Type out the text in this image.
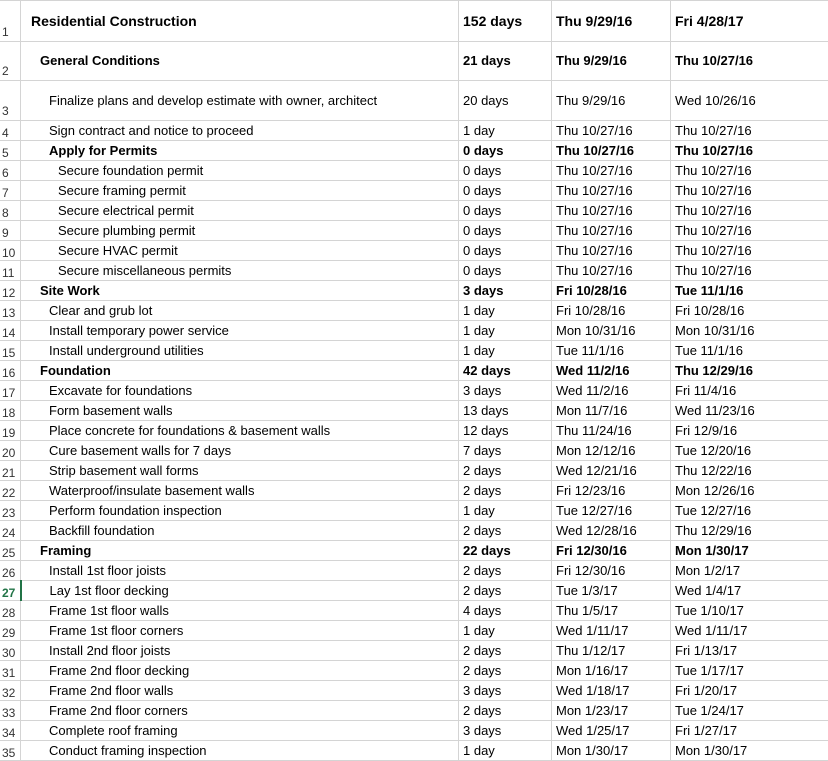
1	Residential Construction	152 days	Thu 9/29/16	Fri 4/28/17
2	General Conditions	21 days	Thu 9/29/16	Thu 10/27/16
3	Finalize plans and develop estimate with owner, architect	20 days	Thu 9/29/16	Wed 10/26/16
4	Sign contract and notice to proceed	1 day	Thu 10/27/16	Thu 10/27/16
5	Apply for Permits	0 days	Thu 10/27/16	Thu 10/27/16
6	Secure foundation permit	0 days	Thu 10/27/16	Thu 10/27/16
7	Secure framing permit	0 days	Thu 10/27/16	Thu 10/27/16
8	Secure electrical permit	0 days	Thu 10/27/16	Thu 10/27/16
9	Secure plumbing permit	0 days	Thu 10/27/16	Thu 10/27/16
10	Secure HVAC permit	0 days	Thu 10/27/16	Thu 10/27/16
11	Secure miscellaneous permits	0 days	Thu 10/27/16	Thu 10/27/16
12	Site Work	3 days	Fri 10/28/16	Tue 11/1/16
13	Clear and grub lot	1 day	Fri 10/28/16	Fri 10/28/16
14	Install temporary power service	1 day	Mon 10/31/16	Mon 10/31/16
15	Install underground utilities	1 day	Tue 11/1/16	Tue 11/1/16
16	Foundation	42 days	Wed 11/2/16	Thu 12/29/16
17	Excavate for foundations	3 days	Wed 11/2/16	Fri 11/4/16
18	Form basement walls	13 days	Mon 11/7/16	Wed 11/23/16
19	Place concrete for foundations & basement walls	12 days	Thu 11/24/16	Fri 12/9/16
20	Cure basement walls for 7 days	7 days	Mon 12/12/16	Tue 12/20/16
21	Strip basement wall forms	2 days	Wed 12/21/16	Thu 12/22/16
22	Waterproof/insulate basement walls	2 days	Fri 12/23/16	Mon 12/26/16
23	Perform foundation inspection	1 day	Tue 12/27/16	Tue 12/27/16
24	Backfill foundation	2 days	Wed 12/28/16	Thu 12/29/16
25	Framing	22 days	Fri 12/30/16	Mon 1/30/17
26	Install 1st floor joists	2 days	Fri 12/30/16	Mon 1/2/17
27	Lay 1st floor decking	2 days	Tue 1/3/17	Wed 1/4/17
28	Frame 1st floor walls	4 days	Thu 1/5/17	Tue 1/10/17
29	Frame 1st floor corners	1 day	Wed 1/11/17	Wed 1/11/17
30	Install 2nd floor joists	2 days	Thu 1/12/17	Fri 1/13/17
31	Frame 2nd floor decking	2 days	Mon 1/16/17	Tue 1/17/17
32	Frame 2nd floor walls	3 days	Wed 1/18/17	Fri 1/20/17
33	Frame 2nd floor corners	2 days	Mon 1/23/17	Tue 1/24/17
34	Complete roof framing	3 days	Wed 1/25/17	Fri 1/27/17
35	Conduct framing inspection	1 day	Mon 1/30/17	Mon 1/30/17
